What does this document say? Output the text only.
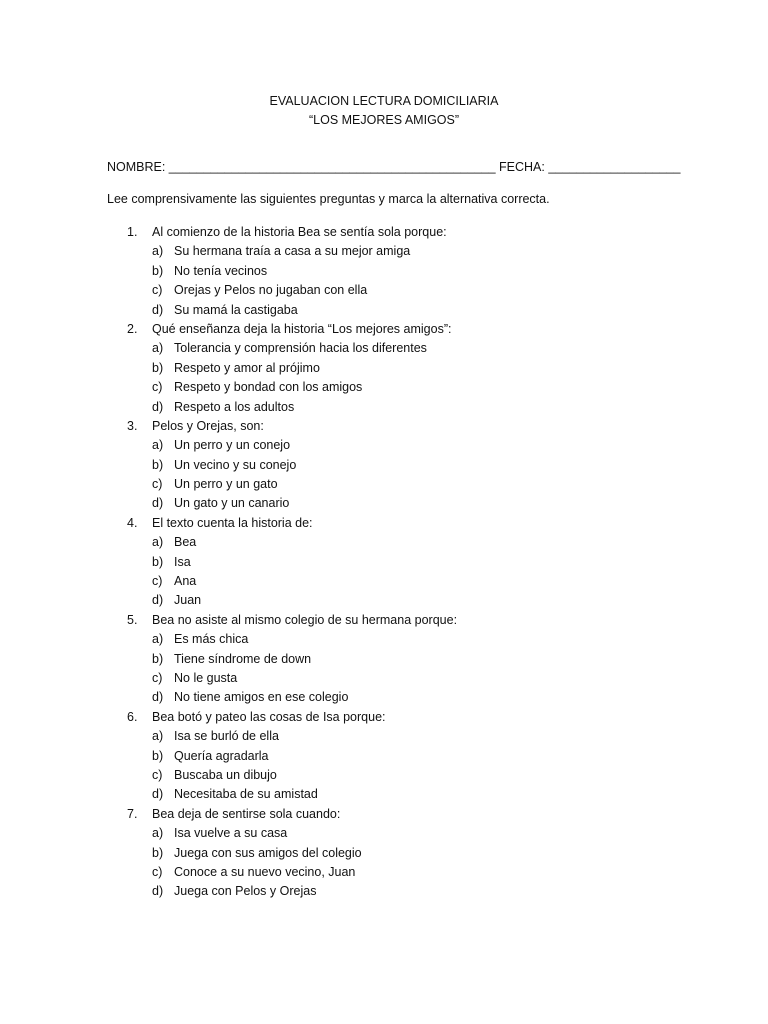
EVALUACION LECTURA DOMICILIARIA
“LOS MEJORES AMIGOS”
NOMBRE: _______________________________________________ FECHA: ___________________
Lee comprensivamente las siguientes preguntas y marca la alternativa correcta.
1. Al comienzo de la historia Bea se sentía sola porque:
a) Su hermana traía a casa a su mejor amiga
b) No tenía vecinos
c) Orejas y Pelos no jugaban con ella
d) Su mamá la castigaba
2. Qué enseñanza deja la historia “Los mejores amigos”:
a) Tolerancia y comprensión hacia los diferentes
b) Respeto y amor al prójimo
c) Respeto y bondad con los amigos
d) Respeto a los adultos
3. Pelos y Orejas, son:
a) Un perro y un conejo
b) Un vecino y su conejo
c) Un perro y un gato
d) Un gato y un canario
4. El texto cuenta la historia de:
a) Bea
b) Isa
c) Ana
d) Juan
5. Bea no asiste al mismo colegio de su hermana porque:
a) Es más chica
b) Tiene síndrome de down
c) No le gusta
d) No tiene amigos en ese colegio
6. Bea botó y pateo las cosas de Isa porque:
a) Isa se burló de ella
b) Quería agradarla
c) Buscaba un dibujo
d) Necesitaba de su amistad
7. Bea deja de sentirse sola cuando:
a) Isa vuelve a su casa
b) Juega con sus amigos del colegio
c) Conoce a su nuevo vecino, Juan
d) Juega con Pelos y Orejas
